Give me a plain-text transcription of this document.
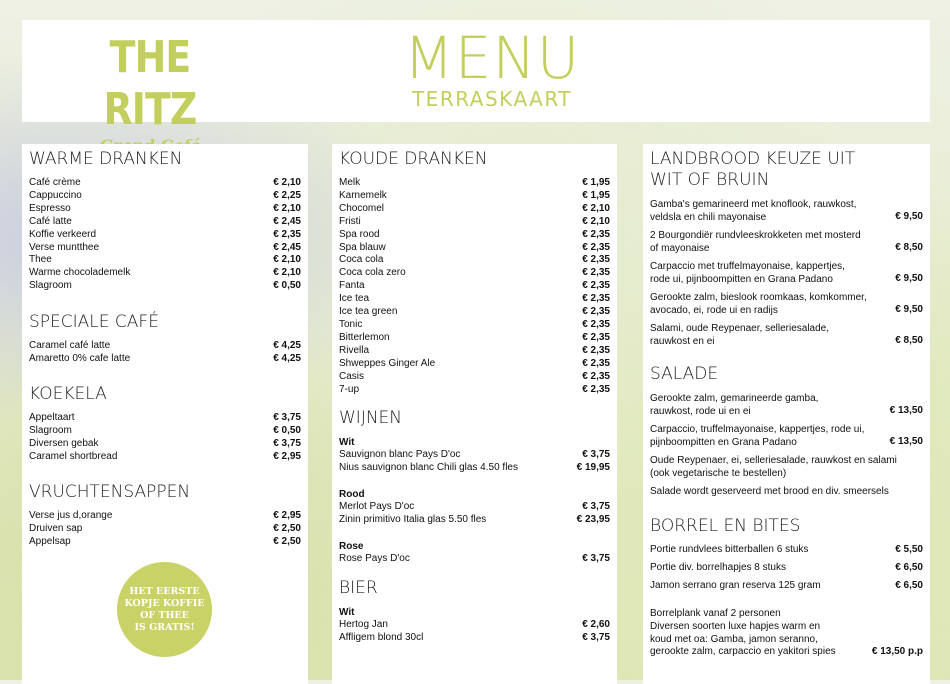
THE RITZ
MENU
TERRASKAART
WARME DRANKEN
Café crème	€ 2,10
Cappuccino	€ 2,25
Espresso	€ 2,10
Café latte	€ 2,45
Koffie verkeerd	€ 2,35
Verse muntthee	€ 2,45
Thee	€ 2,10
Warme chocolademelk	€ 2,10
Slagroom	€ 0,50
SPECIALE CAFÉ
Caramel café latte	€ 4,25
Amaretto 0% cafe latte	€ 4,25
KOEKELA
Appeltaart	€ 3,75
Slagroom	€ 0,50
Diversen gebak	€ 3,75
Caramel shortbread	€ 2,95
VRUCHTENSAPPEN
Verse jus d,orange	€ 2,95
Druiven sap	€ 2,50
Appelsap	€ 2,50
HET EERSTE
KOPJE KOFFIE
OF THEE
IS GRATIS!
KOUDE DRANKEN
Melk	€ 1,95
Karnemelk	€ 1,95
Chocomel	€ 2,10
Fristi	€ 2,10
Spa rood	€ 2,35
Spa blauw	€ 2,35
Coca cola	€ 2,35
Coca cola zero	€ 2,35
Fanta	€ 2,35
Ice tea	€ 2,35
Ice tea green	€ 2,35
Tonic	€ 2,35
Bitterlemon	€ 2,35
Rivella	€ 2,35
Shweppes Ginger Ale	€ 2,35
Casis	€ 2,35
7-up	€ 2,35
WIJNEN
Wit
Sauvignon blanc Pays D'oc	€ 3,75
Nius sauvignon blanc Chili glas 4.50 fles	€ 19,95
Rood
Merlot Pays D'oc	€ 3,75
Zinin primitivo Italia glas 5.50 fles	€ 23,95
Rose
Rose Pays D'oc	€ 3,75
BIER
Wit
Hertog Jan	€ 2,60
Affligem blond 30cl	€ 3,75
LANDBROOD KEUZE UIT
WIT OF BRUIN
Gamba's gemarineerd met knoflook, rauwkost,
veldsla en chili mayonaise	€ 9,50
2 Bourgondiër rundvleeskrokketen met mosterd
of mayonaise	€ 8,50
Carpaccio met truffelmayonaise, kappertjes,
rode ui, pijnboompitten en Grana Padano	€ 9,50
Gerookte zalm, bieslook roomkaas, komkommer,
avocado, ei, rode ui en radijs	€ 9,50
Salami, oude Reypenaer, selleriesalade,
rauwkost en ei	€ 8,50
SALADE
Gerookte zalm, gemarineerde gamba,
rauwkost, rode ui en ei	€ 13,50
Carpaccio, truffelmayonaise, kappertjes, rode ui,
pijnboompitten en Grana Padano	€ 13,50
Oude Reypenaer, ei, selleriesalade, rauwkost en salami
(ook vegetarische te bestellen)
Salade wordt geserveerd met brood en div. smeersels
BORREL EN BITES
Portie rundvlees bitterballen 6 stuks	€ 5,50
Portie div. borrelhapjes 8 stuks	€ 6,50
Jamon serrano gran reserva 125 gram	€ 6,50
Borrelplank vanaf 2 personen
Diversen soorten luxe hapjes warm en
koud met oa: Gamba, jamon seranno,
gerookte zalm, carpaccio en yakitori spies	€ 13,50 p.p
